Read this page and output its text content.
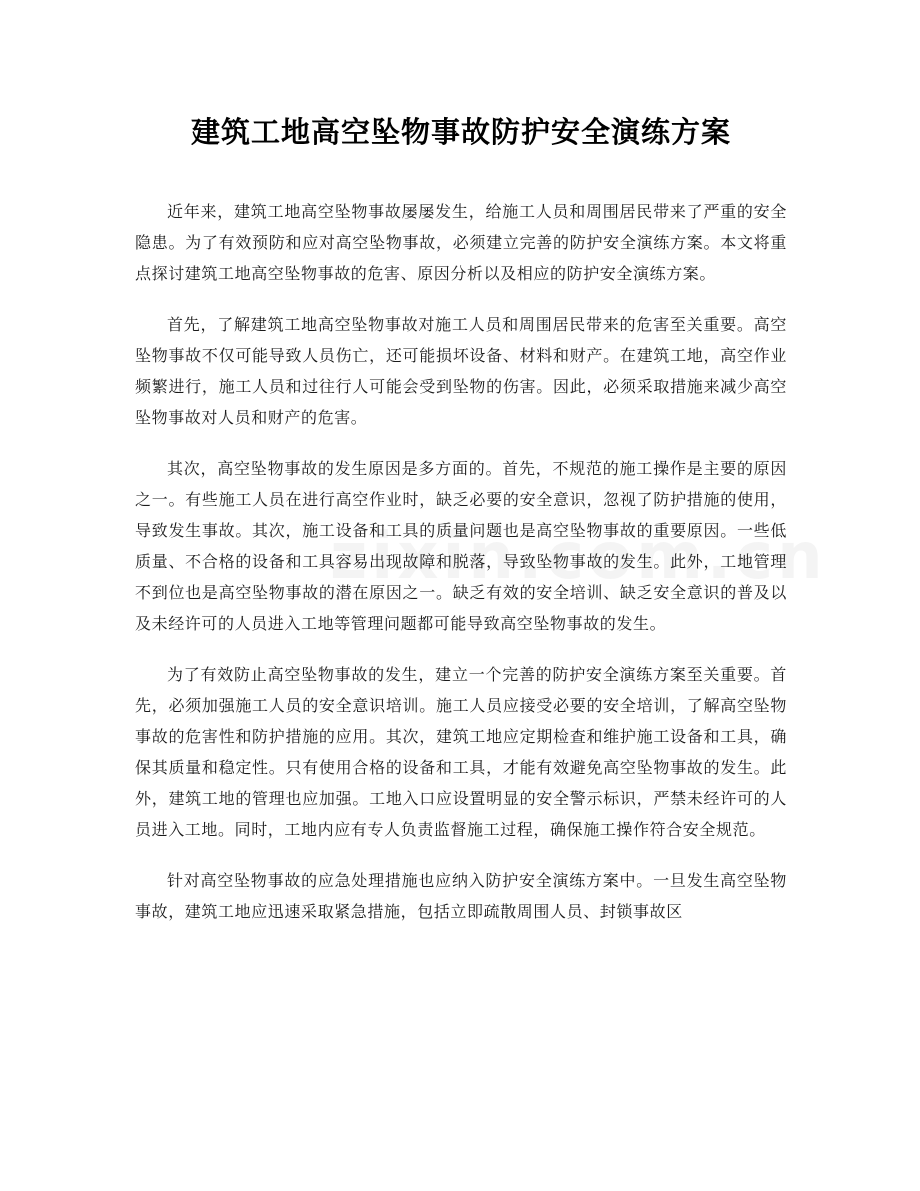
建筑工地高空坠物事故防护安全演练方案

近年来，建筑工地高空坠物事故屡屡发生，给施工人员和周围居民带来了严重的安全隐患。为了有效预防和应对高空坠物事故，必须建立完善的防护安全演练方案。本文将重点探讨建筑工地高空坠物事故的危害、原因分析以及相应的防护安全演练方案。

首先，了解建筑工地高空坠物事故对施工人员和周围居民带来的危害至关重要。高空坠物事故不仅可能导致人员伤亡，还可能损坏设备、材料和财产。在建筑工地，高空作业频繁进行，施工人员和过往行人可能会受到坠物的伤害。因此，必须采取措施来减少高空坠物事故对人员和财产的危害。

其次，高空坠物事故的发生原因是多方面的。首先，不规范的施工操作是主要的原因之一。有些施工人员在进行高空作业时，缺乏必要的安全意识，忽视了防护措施的使用，导致发生事故。其次，施工设备和工具的质量问题也是高空坠物事故的重要原因。一些低质量、不合格的设备和工具容易出现故障和脱落，导致坠物事故的发生。此外，工地管理不到位也是高空坠物事故的潜在原因之一。缺乏有效的安全培训、缺乏安全意识的普及以及未经许可的人员进入工地等管理问题都可能导致高空坠物事故的发生。

为了有效防止高空坠物事故的发生，建立一个完善的防护安全演练方案至关重要。首先，必须加强施工人员的安全意识培训。施工人员应接受必要的安全培训，了解高空坠物事故的危害性和防护措施的应用。其次，建筑工地应定期检查和维护施工设备和工具，确保其质量和稳定性。只有使用合格的设备和工具，才能有效避免高空坠物事故的发生。此外，建筑工地的管理也应加强。工地入口应设置明显的安全警示标识，严禁未经许可的人员进入工地。同时，工地内应有专人负责监督施工过程，确保施工操作符合安全规范。

针对高空坠物事故的应急处理措施也应纳入防护安全演练方案中。一旦发生高空坠物事故，建筑工地应迅速采取紧急措施，包括立即疏散周围人员、封锁事故区
